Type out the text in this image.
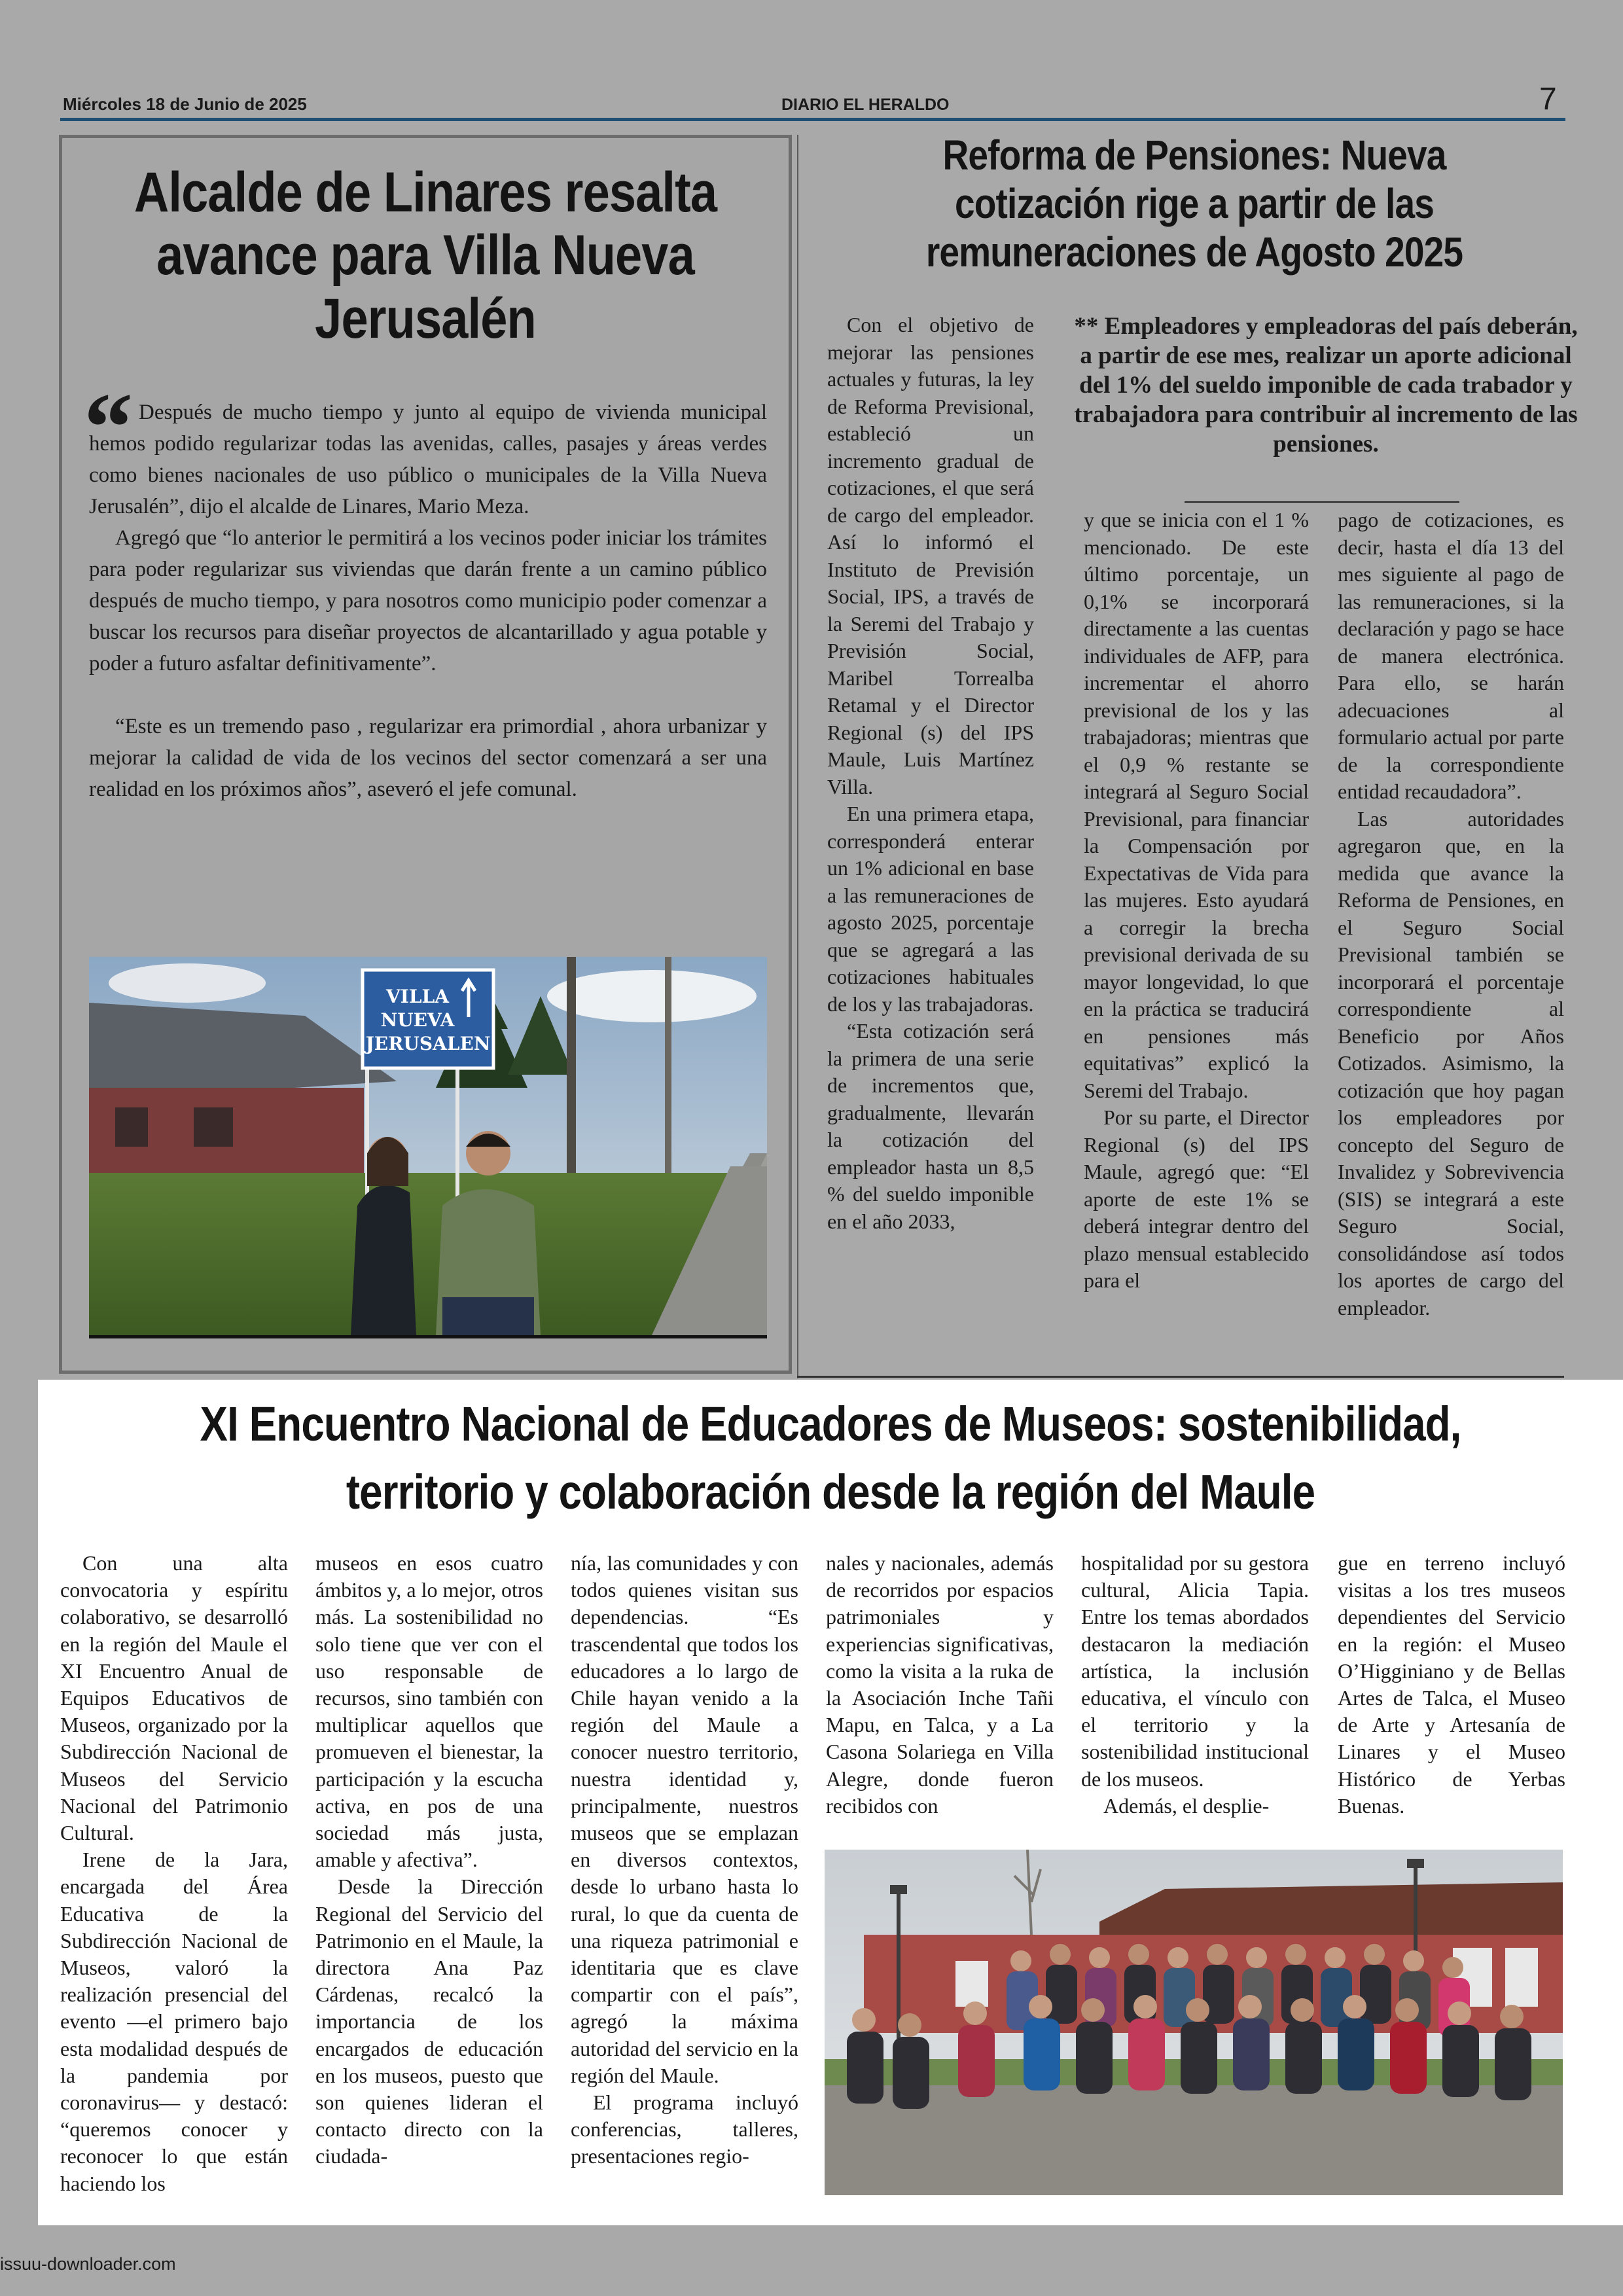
Miércoles 18 de Junio de 2025	DIARIO EL HERALDO	7
Alcalde de Linares resalta avance para Villa Nueva Jerusalén
“ Después de mucho tiempo y junto al equipo de vivienda municipal hemos podido regularizar todas las avenidas, calles, pasajes y áreas verdes como bienes nacionales de uso público o municipales de la Villa Nueva Jerusalén”, dijo el alcalde de Linares, Mario Meza.

Agregó que “lo anterior le permitirá a los vecinos poder iniciar los trámites para poder regularizar sus viviendas que darán frente a un camino público después de mucho tiempo, y para nosotros como municipio poder comenzar a buscar los recursos para diseñar proyectos de alcantarillado y agua potable y poder a futuro asfaltar definitivamente”.

“Este es un tremendo paso , regularizar era primordial , ahora urbanizar y mejorar la calidad de vida de los vecinos del sector comenzará a ser una realidad en los próximos años”, aseveró el jefe comunal.

VILLA
NUEVA
JERUSALEN
Reforma de Pensiones: Nueva cotización rige a partir de las remuneraciones de Agosto 2025
** Empleadores y empleadoras del país deberán, a partir de ese mes, realizar un aporte adicional del 1% del sueldo imponible de cada trabador y trabajadora para contribuir al incremento de las pensiones.

Con el objetivo de mejorar las pensiones actuales y futuras, la ley de Reforma Previsional, estableció un incremento gradual de cotizaciones, el que será de cargo del empleador. Así lo informó el Instituto de Previsión Social, IPS, a través de la Seremi del Trabajo y Previsión Social, Maribel Torrealba Retamal y el Director Regional (s) del IPS Maule, Luis Martínez Villa.

En una primera etapa, corresponderá enterar un 1% adicional en base a las remuneraciones de agosto 2025, porcentaje que se agregará a las cotizaciones habituales de los y las trabajadoras.

“Esta cotización será la primera de una serie de incrementos que, gradualmente, llevarán la cotización del empleador hasta un 8,5 % del sueldo imponible en el año 2033,

y que se inicia con el 1 % mencionado. De este último porcentaje, un 0,1% se incorporará directamente a las cuentas individuales de AFP, para incrementar el ahorro previsional de los y las trabajadoras; mientras que el 0,9 % restante se integrará al Seguro Social Previsional, para financiar la Compensación por Expectativas de Vida para las mujeres. Esto ayudará a corregir la brecha previsional derivada de su mayor longevidad, lo que en la práctica se traducirá en pensiones más equitativas” explicó la Seremi del Trabajo.

Por su parte, el Director Regional (s) del IPS Maule, agregó que: “El aporte de este 1% se deberá integrar dentro del plazo mensual establecido para el

pago de cotizaciones, es decir, hasta el día 13 del mes siguiente al pago de las remuneraciones, si la declaración y pago se hace de manera electrónica. Para ello, se harán adecuaciones al formulario actual por parte de la correspondiente entidad recaudadora”.

Las autoridades agregaron que, en la medida que avance la Reforma de Pensiones, en el Seguro Social Previsional también se incorporará el porcentaje correspondiente al Beneficio por Años Cotizados. Asimismo, la cotización que hoy pagan los empleadores por concepto del Seguro de Invalidez y Sobrevivencia (SIS) se integrará a este Seguro Social, consolidándose así todos los aportes de cargo del empleador.

XI Encuentro Nacional de Educadores de Museos: sostenibilidad, territorio y colaboración desde la región del Maule

Con una alta convocatoria y espíritu colaborativo, se desarrolló en la región del Maule el XI Encuentro Anual de Equipos Educativos de Museos, organizado por la Subdirección Nacional de Museos del Servicio Nacional del Patrimonio Cultural.

Irene de la Jara, encargada del Área Educativa de la Subdirección Nacional de Museos, valoró la realización presencial del evento —el primero bajo esta modalidad después de la pandemia por coronavirus— y destacó: “queremos conocer y reconocer lo que están haciendo los

museos en esos cuatro ámbitos y, a lo mejor, otros más. La sostenibilidad no solo tiene que ver con el uso responsable de recursos, sino también con multiplicar aquellos que promueven el bienestar, la participación y la escucha activa, en pos de una sociedad más justa, amable y afectiva”.

Desde la Dirección Regional del Servicio del Patrimonio en el Maule, la directora Ana Paz Cárdenas, recalcó la importancia de los encargados de educación en los museos, puesto que son quienes lideran el contacto directo con la ciudada-

nía, las comunidades y con todos quienes visitan sus dependencias. “Es trascendental que todos los educadores a lo largo de Chile hayan venido a la región del Maule a conocer nuestro territorio, nuestra identidad y, principalmente, nuestros museos que se emplazan en diversos contextos, desde lo urbano hasta lo rural, lo que da cuenta de una riqueza patrimonial e identitaria que es clave compartir con el país”, agregó la máxima autoridad del servicio en la región del Maule.

El programa incluyó conferencias, talleres, presentaciones regio-

nales y nacionales, además de recorridos por espacios patrimoniales y experiencias significativas, como la visita a la ruka de la Asociación Inche Tañi Mapu, en Talca, y a La Casona Solariega en Villa Alegre, donde fueron recibidos con

hospitalidad por su gestora cultural, Alicia Tapia. Entre los temas abordados destacaron la mediación artística, la inclusión educativa, el vínculo con el territorio y la sostenibilidad institucional de los museos.

Además, el desplie-

gue en terreno incluyó visitas a los tres museos dependientes del Servicio en la región: el Museo O’Higginiano y de Bellas Artes de Talca, el Museo de Arte y Artesanía de Linares y el Museo Histórico de Yerbas Buenas.

issuu-downloader.com
